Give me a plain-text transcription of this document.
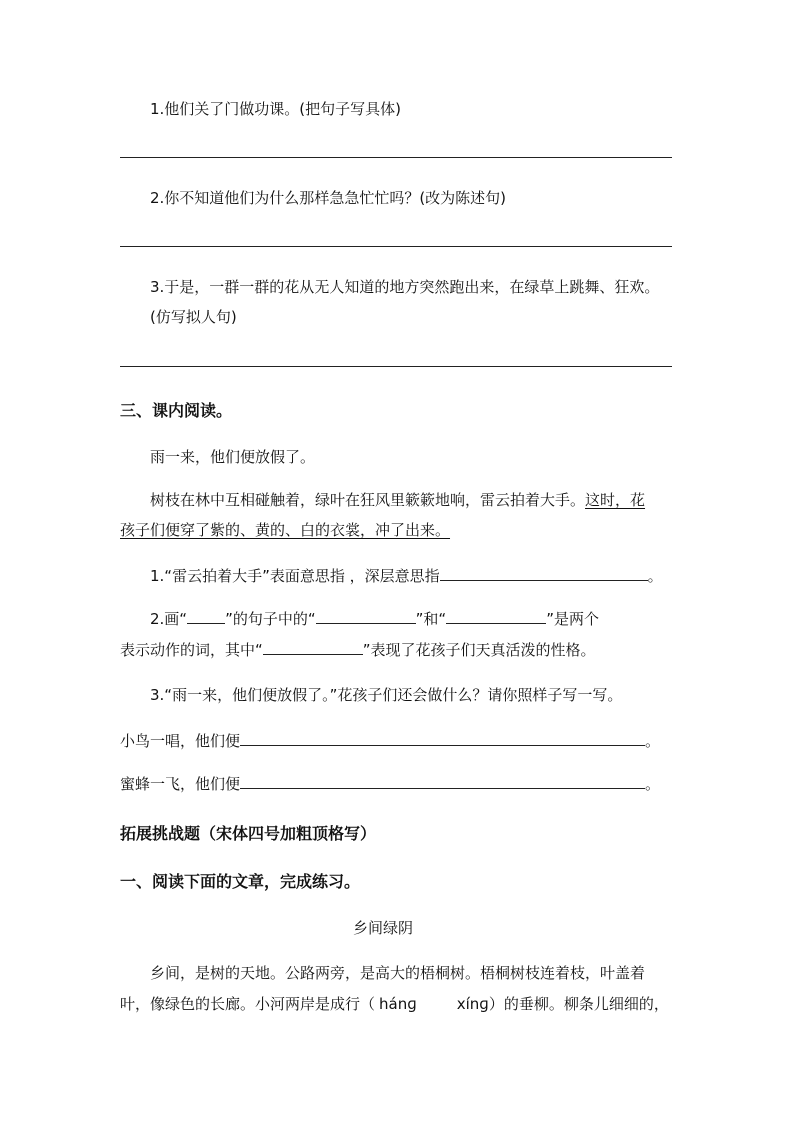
1.他们关了门做功课。(把句子写具体)
2.你不知道他们为什么那样急急忙忙吗？(改为陈述句)
3.于是，一群一群的花从无人知道的地方突然跑出来，在绿草上跳舞、狂欢。
(仿写拟人句)
三、课内阅读。
雨一来，他们便放假了。
树枝在林中互相碰触着，绿叶在狂风里簌簌地响，雷云拍着大手。这时，花
孩子们便穿了紫的、黄的、白的衣裳，冲了出来。
1.“雷云拍着大手”表面意思指 ，深层意思指	。
2.画“	”的句子中的“	”和“	”是两个
表示动作的词，其中“	”表现了花孩子们天真活泼的性格。
3.“雨一来，他们便放假了。”花孩子们还会做什么？请你照样子写一写。
小鸟一唱，他们便	。
蜜蜂一飞，他们便	。
拓展挑战题（宋体四号加粗顶格写）
一、阅读下面的文章，完成练习。
乡间绿阴
乡间，是树的天地。公路两旁，是高大的梧桐树。梧桐树枝连着枝，叶盖着
叶，像绿色的长廊。小河两岸是成行（ hánɡ	xínɡ）的垂柳。柳条儿细细的，
